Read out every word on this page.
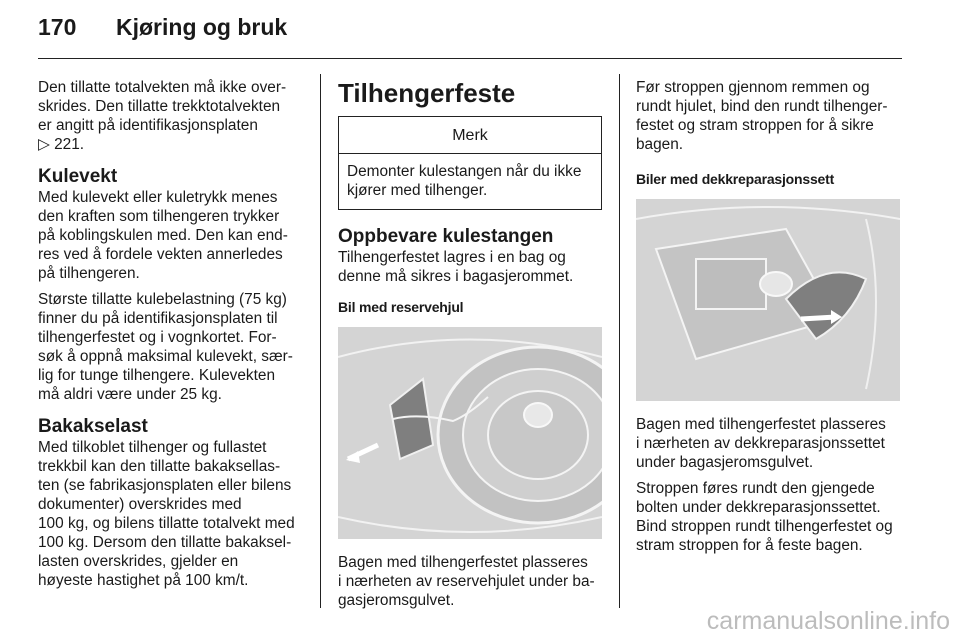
170 Kjøring og bruk

Den tillatte totalvekten må ikke over-
skrides. Den tillatte trekktotalvekten
er angitt på identifikasjonsplaten
▷ 221.

Kulevekt

Med kulevekt eller kuletrykk menes
den kraften som tilhengeren trykker
på koblingskulen med. Den kan end-
res ved å fordele vekten annerledes
på tilhengeren.

Største tillatte kulebelastning (75 kg)
finner du på identifikasjonsplaten til
tilhengerfestet og i vognkortet. For-
søk å oppnå maksimal kulevekt, sær-
lig for tunge tilhengere. Kulevekten
må aldri være under 25 kg.

Bakakselast

Med tilkoblet tilhenger og fullastet
trekkbil kan den tillatte bakaksellas-
ten (se fabrikasjonsplaten eller bilens
dokumenter) overskrides med
100 kg, og bilens tillatte totalvekt med
100 kg. Dersom den tillatte bakaksel-
lasten overskrides, gjelder en
høyeste hastighet på 100 km/t.

Tilhengerfeste
Merk
Demonter kulestangen når du ikke
kjører med tilhenger.
Oppbevare kulestangen

Tilhengerfestet lagres i en bag og
denne må sikres i bagasjerommet.

Bil med reservehjul

Bagen med tilhengerfestet plasseres
i nærheten av reservehjulet under ba-
gasjeromsgulvet.

Før stroppen gjennom remmen og
rundt hjulet, bind den rundt tilhenger-
festet og stram stroppen for å sikre
bagen.

Biler med dekkreparasjonssett

Bagen med tilhengerfestet plasseres
i nærheten av dekkreparasjonssettet
under bagasjeromsgulvet.

Stroppen føres rundt den gjengede
bolten under dekkreparasjonssettet.
Bind stroppen rundt tilhengerfestet og
stram stroppen for å feste bagen.

carmanualsonline.info
